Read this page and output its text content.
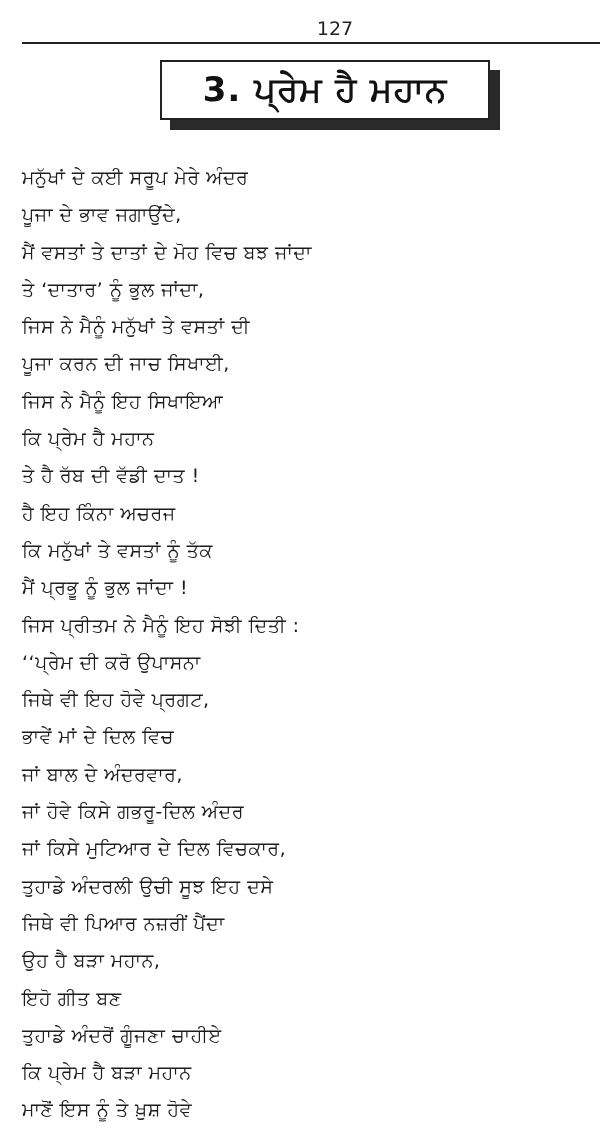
127
3. ਪ੍ਰੇਮ ਹੈ ਮਹਾਨ
ਮਨੁੱਖਾਂ ਦੇ ਕਈ ਸਰੂਪ ਮੇਰੇ ਅੰਦਰ
ਪੂਜਾ ਦੇ ਭਾਵ ਜਗਾਉਂਦੇ,
ਮੈਂ ਵਸਤਾਂ ਤੇ ਦਾਤਾਂ ਦੇ ਮੋਹ ਵਿਚ ਬਝ ਜਾਂਦਾ
ਤੇ ‘ਦਾਤਾਰ’ ਨੂੰ ਭੁਲ ਜਾਂਦਾ,
ਜਿਸ ਨੇ ਮੈਨੂੰ ਮਨੁੱਖਾਂ ਤੇ ਵਸਤਾਂ ਦੀ
ਪੂਜਾ ਕਰਨ ਦੀ ਜਾਚ ਸਿਖਾਈ,
ਜਿਸ ਨੇ ਮੈਨੂੰ ਇਹ ਸਿਖਾਇਆ
ਕਿ ਪ੍ਰੇਮ ਹੈ ਮਹਾਨ
ਤੇ ਹੈ ਰੱਬ ਦੀ ਵੱਡੀ ਦਾਤ !
ਹੈ ਇਹ ਕਿੰਨਾ ਅਚਰਜ
ਕਿ ਮਨੁੱਖਾਂ ਤੇ ਵਸਤਾਂ ਨੂੰ ਤੱਕ
ਮੈਂ ਪ੍ਰਭੂ ਨੂੰ ਭੁਲ ਜਾਂਦਾ !
ਜਿਸ ਪ੍ਰੀਤਮ ਨੇ ਮੈਨੂੰ ਇਹ ਸੋਝੀ ਦਿਤੀ :
‘‘ਪ੍ਰੇਮ ਦੀ ਕਰੋ ਉਪਾਸਨਾ
ਜਿਥੇ ਵੀ ਇਹ ਹੋਵੇ ਪ੍ਰਗਟ,
ਭਾਵੇਂ ਮਾਂ ਦੇ ਦਿਲ ਵਿਚ
ਜਾਂ ਬਾਲ ਦੇ ਅੰਦਰਵਾਰ,
ਜਾਂ ਹੋਵੇ ਕਿਸੇ ਗਭਰੂ-ਦਿਲ ਅੰਦਰ
ਜਾਂ ਕਿਸੇ ਮੁਟਿਆਰ ਦੇ ਦਿਲ ਵਿਚਕਾਰ,
ਤੁਹਾਡੇ ਅੰਦਰਲੀ ਉਚੀ ਸੂਝ ਇਹ ਦਸੇ
ਜਿਥੇ ਵੀ ਪਿਆਰ ਨਜ਼ਰੀਂ ਪੈਂਦਾ
ਉਹ ਹੈ ਬੜਾ ਮਹਾਨ,
ਇਹੋ ਗੀਤ ਬਣ
ਤੁਹਾਡੇ ਅੰਦਰੋਂ ਗੂੰਜਣਾ ਚਾਹੀਏ
ਕਿ ਪ੍ਰੇਮ ਹੈ ਬੜਾ ਮਹਾਨ
ਮਾਣੋਂ ਇਸ ਨੂੰ ਤੇ ਖ਼ੁਸ਼ ਹੋਵੇ
